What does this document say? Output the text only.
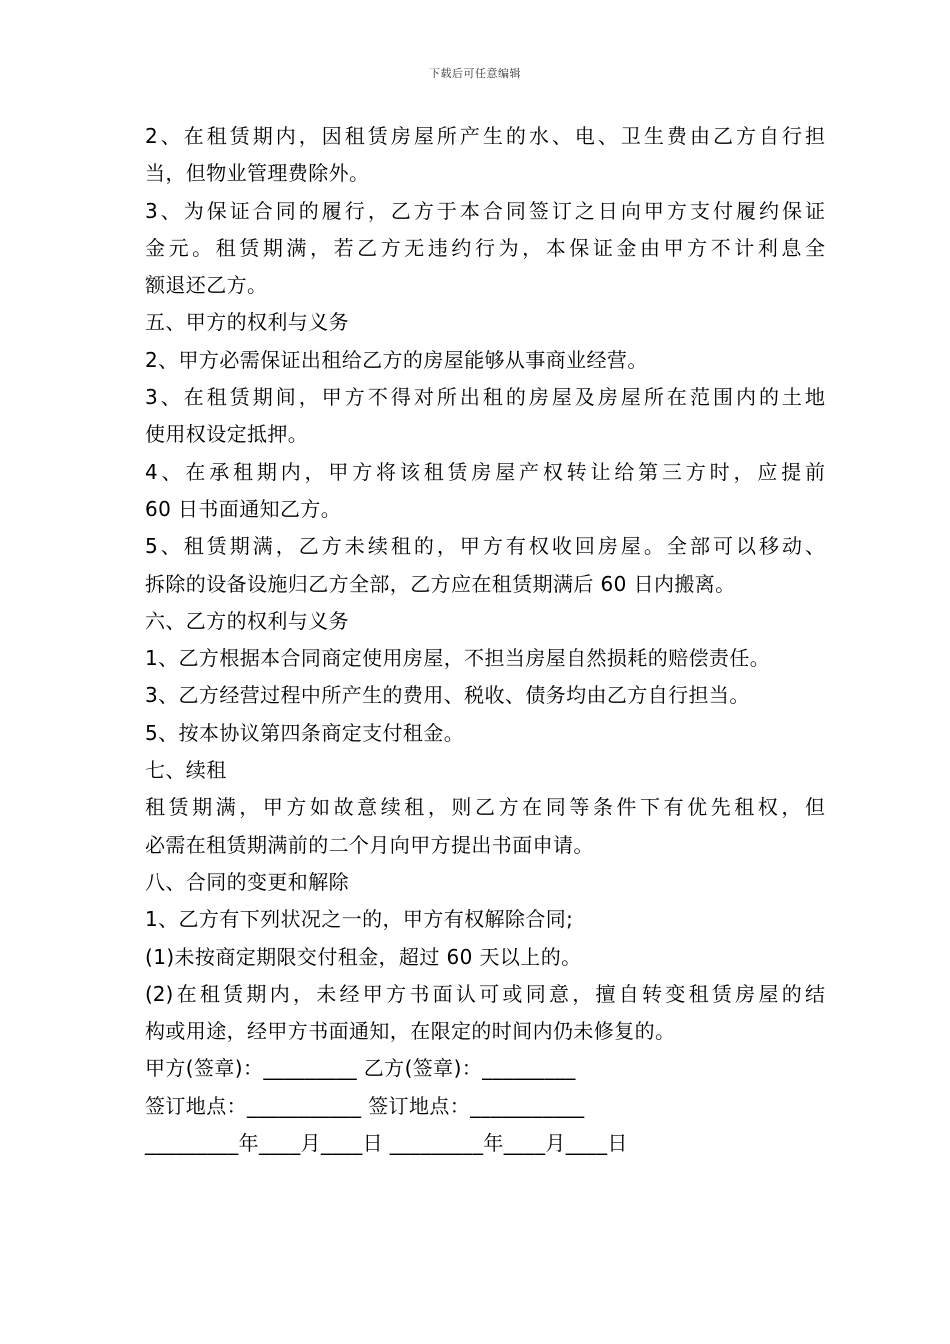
下载后可任意编辑
2、在租赁期内，因租赁房屋所产生的水、电、卫生费由乙方自行担
当，但物业管理费除外。
3、为保证合同的履行，乙方于本合同签订之日向甲方支付履约保证
金元。租赁期满，若乙方无违约行为，本保证金由甲方不计利息全
额退还乙方。
五、甲方的权利与义务
2、甲方必需保证出租给乙方的房屋能够从事商业经营。
3、在租赁期间，甲方不得对所出租的房屋及房屋所在范围内的土地
使用权设定抵押。
4、在承租期内，甲方将该租赁房屋产权转让给第三方时，应提前
60 日书面通知乙方。
5、租赁期满，乙方未续租的，甲方有权收回房屋。全部可以移动、
拆除的设备设施归乙方全部，乙方应在租赁期满后 60 日内搬离。
六、乙方的权利与义务
1、乙方根据本合同商定使用房屋，不担当房屋自然损耗的赔偿责任。
3、乙方经营过程中所产生的费用、税收、债务均由乙方自行担当。
5、按本协议第四条商定支付租金。
七、续租
租赁期满，甲方如故意续租，则乙方在同等条件下有优先租权，但
必需在租赁期满前的二个月向甲方提出书面申请。
八、合同的变更和解除
1、乙方有下列状况之一的，甲方有权解除合同;
(1)未按商定期限交付租金，超过 60 天以上的。
(2)在租赁期内，未经甲方书面认可或同意，擅自转变租赁房屋的结
构或用途，经甲方书面通知，在限定的时间内仍未修复的。
甲方(签章)：_________ 乙方(签章)：_________
签订地点：___________ 签订地点：___________
_________年____月____日 _________年____月____日
